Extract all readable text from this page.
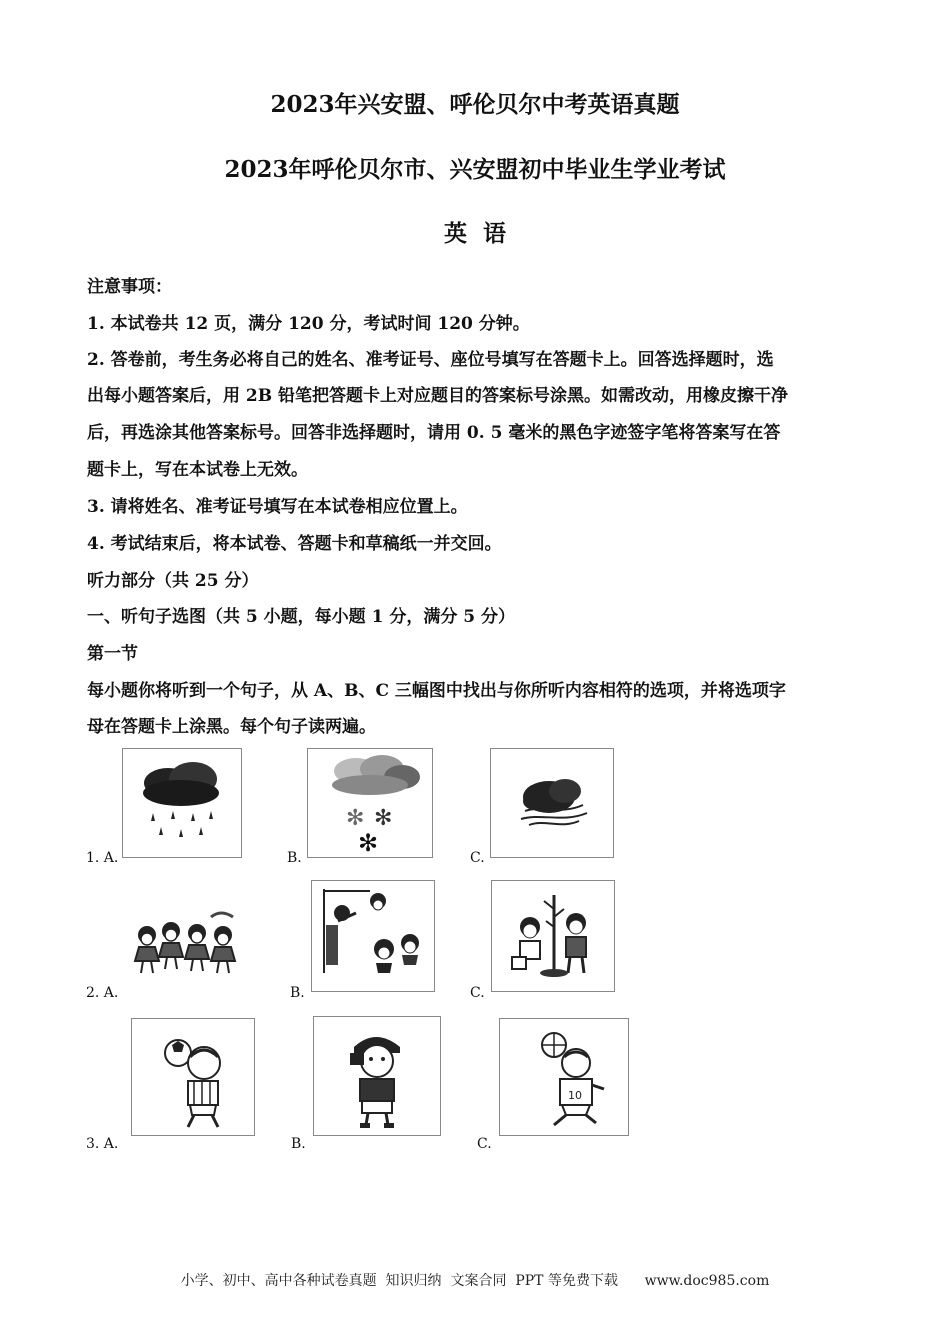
2023年兴安盟、呼伦贝尔中考英语真题
2023年呼伦贝尔市、兴安盟初中毕业生学业考试
英  语
注意事项：
1. 本试卷共 12 页，满分 120 分，考试时间 120 分钟。
2. 答卷前，考生务必将自己的姓名、准考证号、座位号填写在答题卡上。回答选择题时，选
出每小题答案后，用 2B 铅笔把答题卡上对应题目的答案标号涂黑。如需改动，用橡皮擦干净
后，再选涂其他答案标号。回答非选择题时，请用 0. 5 毫米的黑色字迹签字笔将答案写在答
题卡上，写在本试卷上无效。
3. 请将姓名、准考证号填写在本试卷相应位置上。
4. 考试结束后，将本试卷、答题卡和草稿纸一并交回。
听力部分（共 25 分）
一、听句子选图（共 5 小题，每小题 1 分，满分 5 分）
第一节
每小题你将听到一个句子，从 A、B、C 三幅图中找出与你所听内容相符的选项，并将选项字
母在答题卡上涂黑。每个句子读两遍。
1. A.	B.
✻ ✻
✻
C.
2. A.	B.	C.
3. A.	B.	C.
10
小学、初中、高中各种试卷真题  知识归纳  文案合同  PPT 等免费下载      www.doc985.com
